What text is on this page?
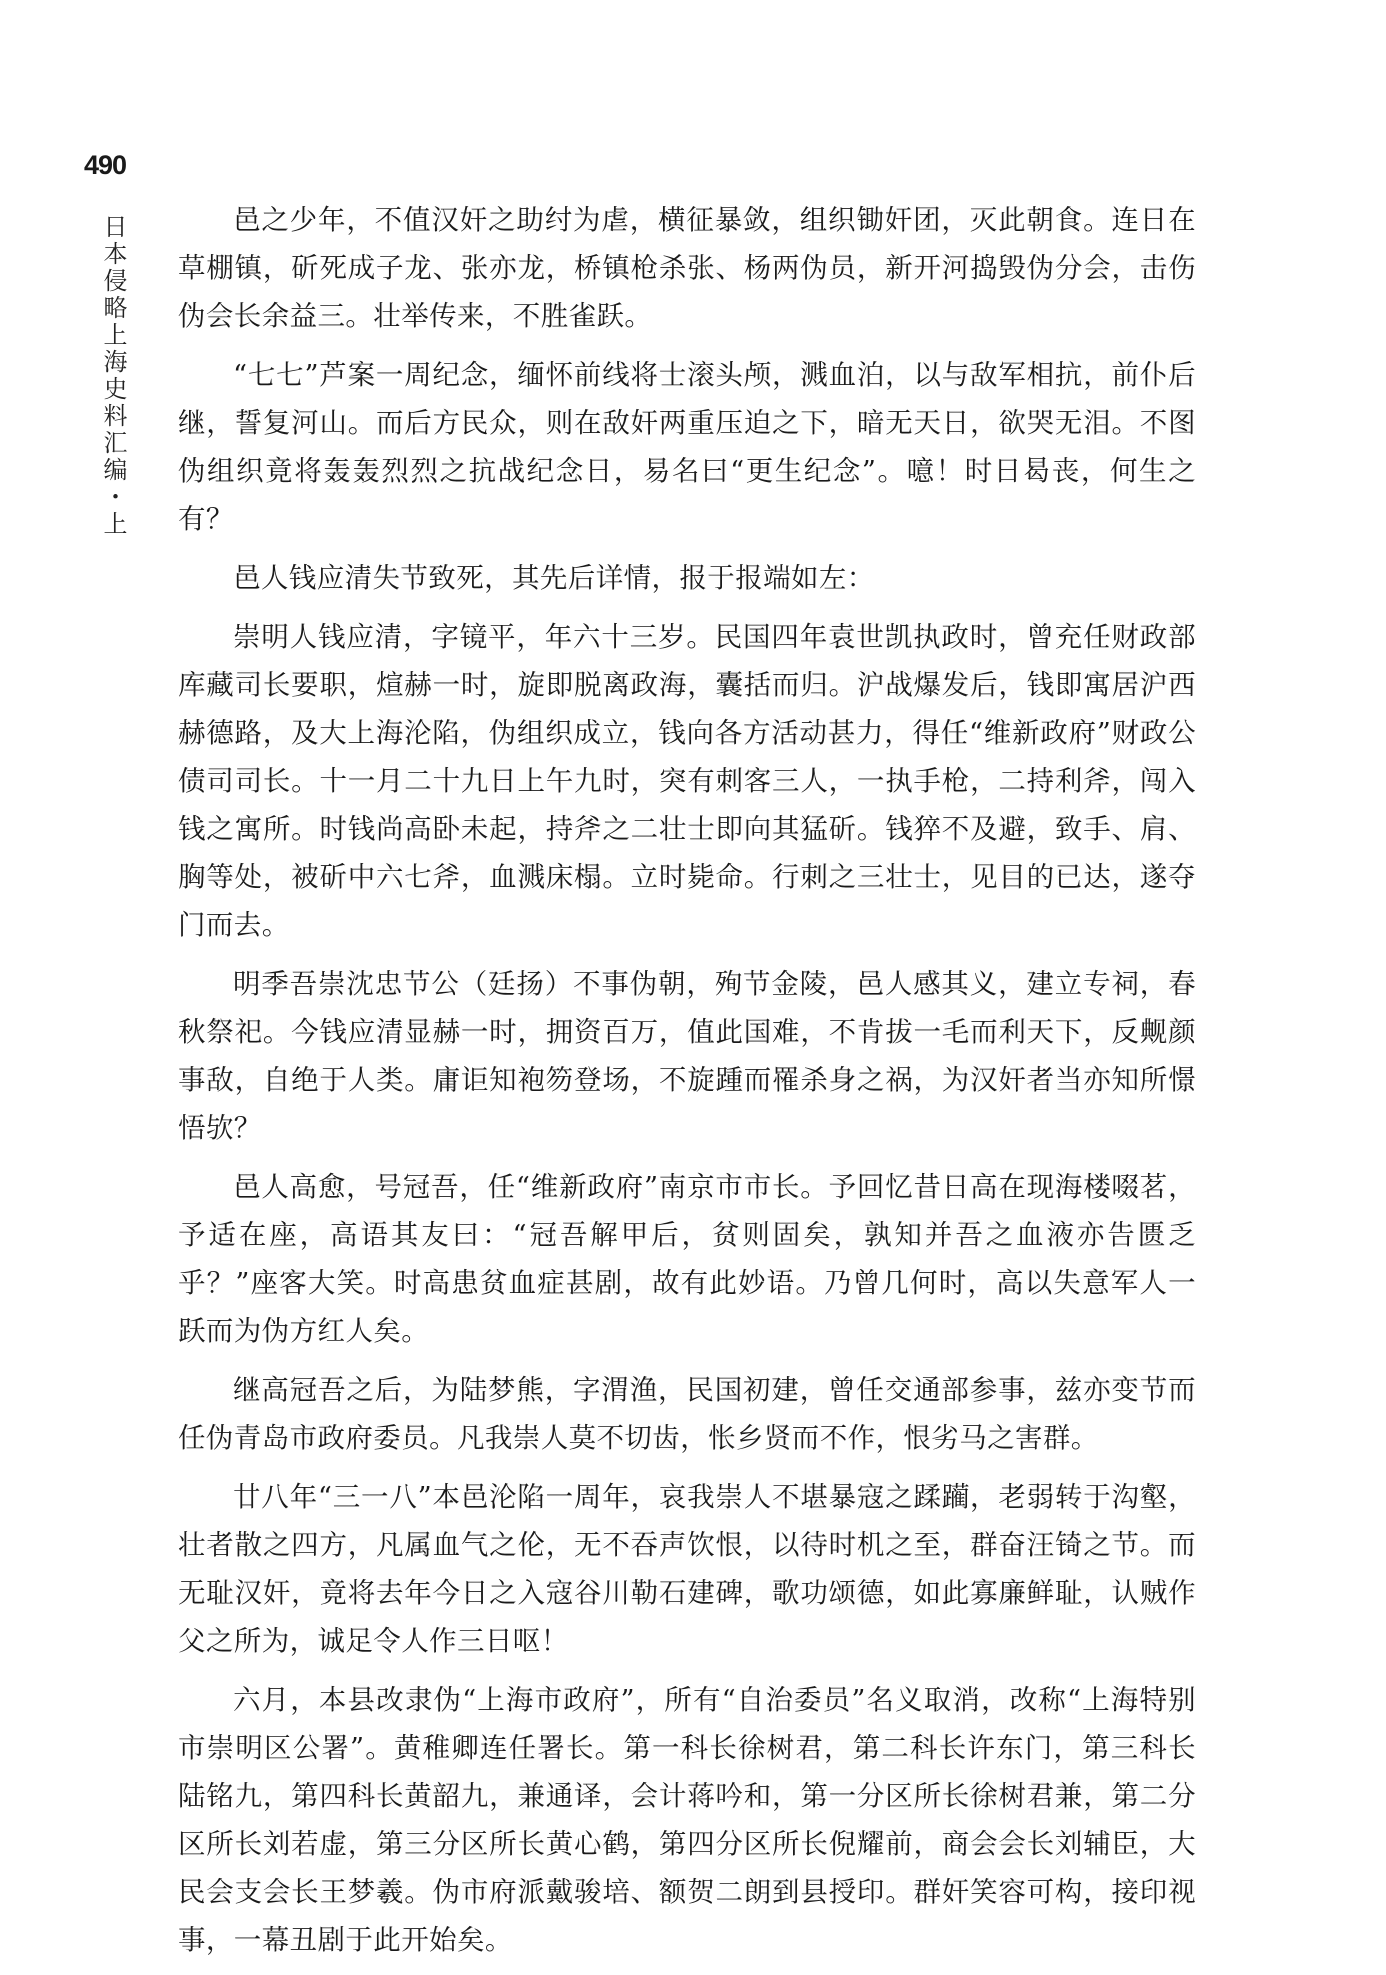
490
日本侵略上海史料汇编・上	邑之少年，不值汉奸之助纣为虐，横征暴敛，组织锄奸团，灭此朝食。连日在草棚镇，斫死成子龙、张亦龙，桥镇枪杀张、杨两伪员，新开河捣毁伪分会，击伤伪会长余益三。壮举传来，不胜雀跃。

“七七”芦案一周纪念，缅怀前线将士滚头颅，溅血泊，以与敌军相抗，前仆后继，誓复河山。而后方民众，则在敌奸两重压迫之下，暗无天日，欲哭无泪。不图伪组织竟将轰轰烈烈之抗战纪念日，易名曰“更生纪念”。噫！时日曷丧，何生之有？

邑人钱应清失节致死，其先后详情，报于报端如左：

崇明人钱应清，字镜平，年六十三岁。民国四年袁世凯执政时，曾充任财政部库藏司长要职，煊赫一时，旋即脱离政海，囊括而归。沪战爆发后，钱即寓居沪西赫德路，及大上海沦陷，伪组织成立，钱向各方活动甚力，得任“维新政府”财政公债司司长。十一月二十九日上午九时，突有刺客三人，一执手枪，二持利斧，闯入钱之寓所。时钱尚高卧未起，持斧之二壮士即向其猛斫。钱猝不及避，致手、肩、胸等处，被斫中六七斧，血溅床榻。立时毙命。行刺之三壮士，见目的已达，遂夺门而去。

明季吾崇沈忠节公（廷扬）不事伪朝，殉节金陵，邑人感其义，建立专祠，春秋祭祀。今钱应清显赫一时，拥资百万，值此国难，不肯拔一毛而利天下，反觍颜事敌，自绝于人类。庸讵知袍笏登场，不旋踵而罹杀身之祸，为汉奸者当亦知所憬悟欤？

邑人高愈，号冠吾，任“维新政府”南京市市长。予回忆昔日高在现海楼啜茗，予适在座，高语其友曰：“冠吾解甲后，贫则固矣，孰知并吾之血液亦告匮乏乎？”座客大笑。时高患贫血症甚剧，故有此妙语。乃曾几何时，高以失意军人一跃而为伪方红人矣。

继高冠吾之后，为陆梦熊，字渭渔，民国初建，曾任交通部参事，兹亦变节而任伪青岛市政府委员。凡我崇人莫不切齿，怅乡贤而不作，恨劣马之害群。

廿八年“三一八”本邑沦陷一周年，哀我崇人不堪暴寇之蹂躏，老弱转于沟壑，壮者散之四方，凡属血气之伦，无不吞声饮恨，以待时机之至，群奋汪锜之节。而无耻汉奸，竟将去年今日之入寇谷川勒石建碑，歌功颂德，如此寡廉鲜耻，认贼作父之所为，诚足令人作三日呕！

六月，本县改隶伪“上海市政府”，所有“自治委员”名义取消，改称“上海特别市崇明区公署”。黄稚卿连任署长。第一科长徐树君，第二科长许东门，第三科长陆铭九，第四科长黄韶九，兼通译，会计蒋吟和，第一分区所长徐树君兼，第二分区所长刘若虚，第三分区所长黄心鹤，第四分区所长倪耀前，商会会长刘辅臣，大民会支会长王梦羲。伪市府派戴骏培、额贺二朗到县授印。群奸笑容可构，接印视事，一幕丑剧于此开始矣。
